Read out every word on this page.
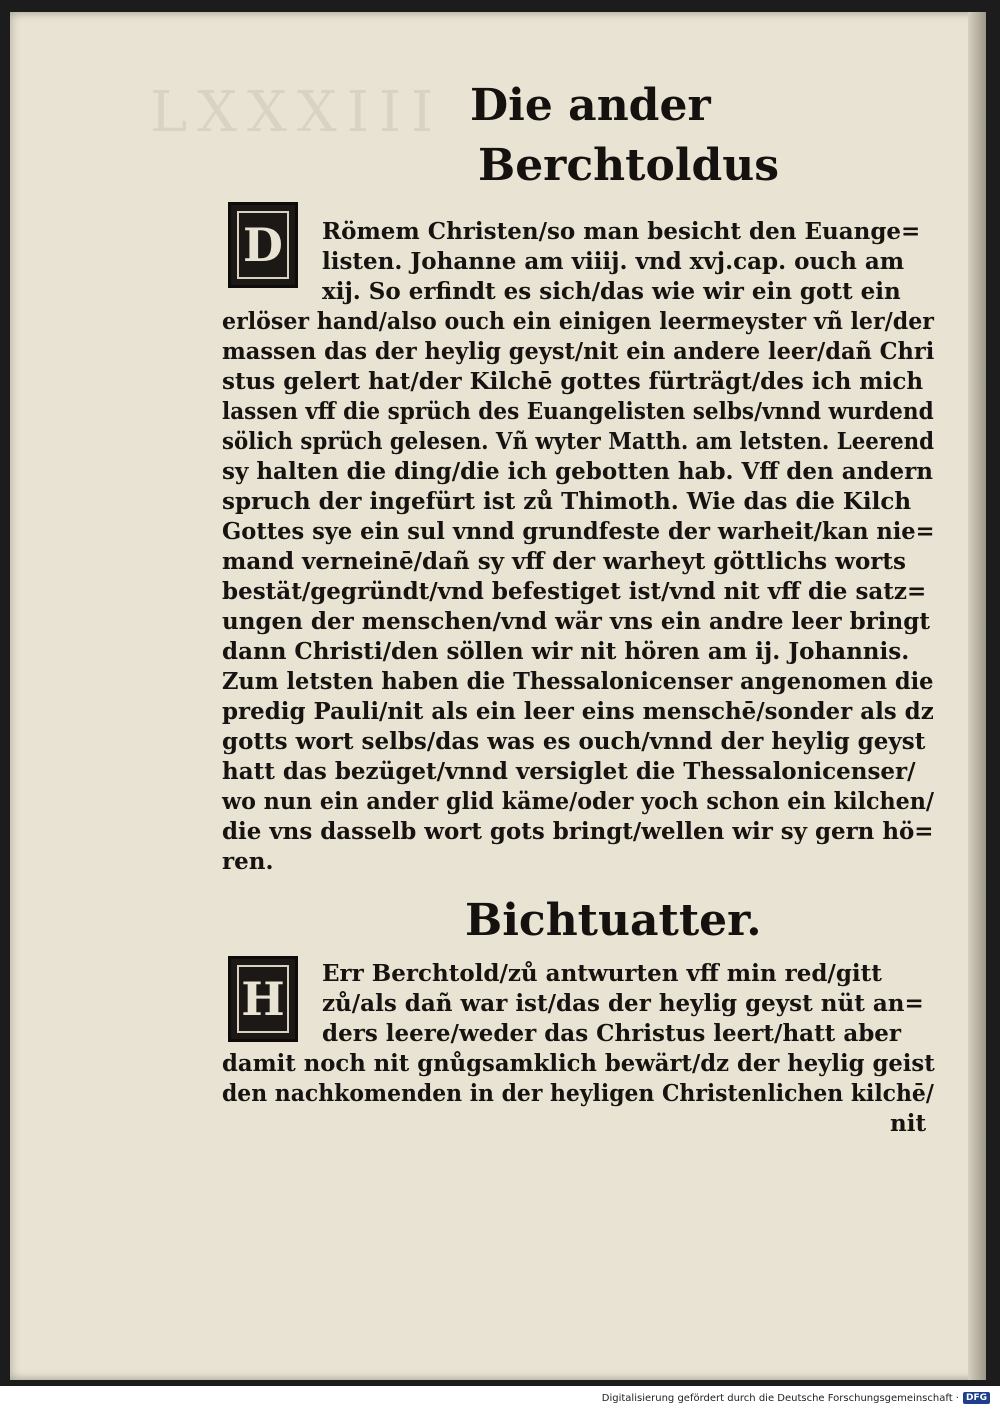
LXXXIII Die ander
Berchtoldus
D Römem Christen/so man besicht den Euange=
listen. Johanne am viiij. vnd xvj.cap. ouch am
xij. So erfindt es sich/das wie wir ein gott ein
erlöser hand/also ouch ein einigen leermeyster vñ ler/der
massen das der heylig geyst/nit ein andere leer/dañ Chri
stus gelert hat/der Kilchē gottes fürträgt/des ich mich
lassen vff die sprüch des Euangelisten selbs/vnnd wurdend
sölich sprüch gelesen. Vñ wyter Matth. am letsten. Leerend
sy halten die ding/die ich gebotten hab. Vff den andern
spruch der ingefürt ist zů Thimoth. Wie das die Kilch
Gottes sye ein sul vnnd grundfeste der warheit/kan nie=
mand verneinē/dañ sy vff der warheyt göttlichs worts
bestät/gegründt/vnd befestiget ist/vnd nit vff die satz=
ungen der menschen/vnd wär vns ein andre leer bringt
dann Christi/den söllen wir nit hören am ij. Johannis.
Zum letsten haben die Thessalonicenser angenomen die
predig Pauli/nit als ein leer eins menschē/sonder als dz
gotts wort selbs/das was es ouch/vnnd der heylig geyst
hatt das bezüget/vnnd versiglet die Thessalonicenser/
wo nun ein ander glid käme/oder yoch schon ein kilchen/
die vns dasselb wort gots bringt/wellen wir sy gern hö=
ren.
Bichtuatter.
H Err Berchtold/zů antwurten vff min red/gitt
zů/als dañ war ist/das der heylig geyst nüt an=
ders leere/weder das Christus leert/hatt aber
damit noch nit gnůgsamklich bewärt/dz der heylig geist
den nachkomenden in der heyligen Christenlichen kilchē/
nit
Digitalisierung gefördert durch die Deutsche Forschungsgemeinschaft · DFG
